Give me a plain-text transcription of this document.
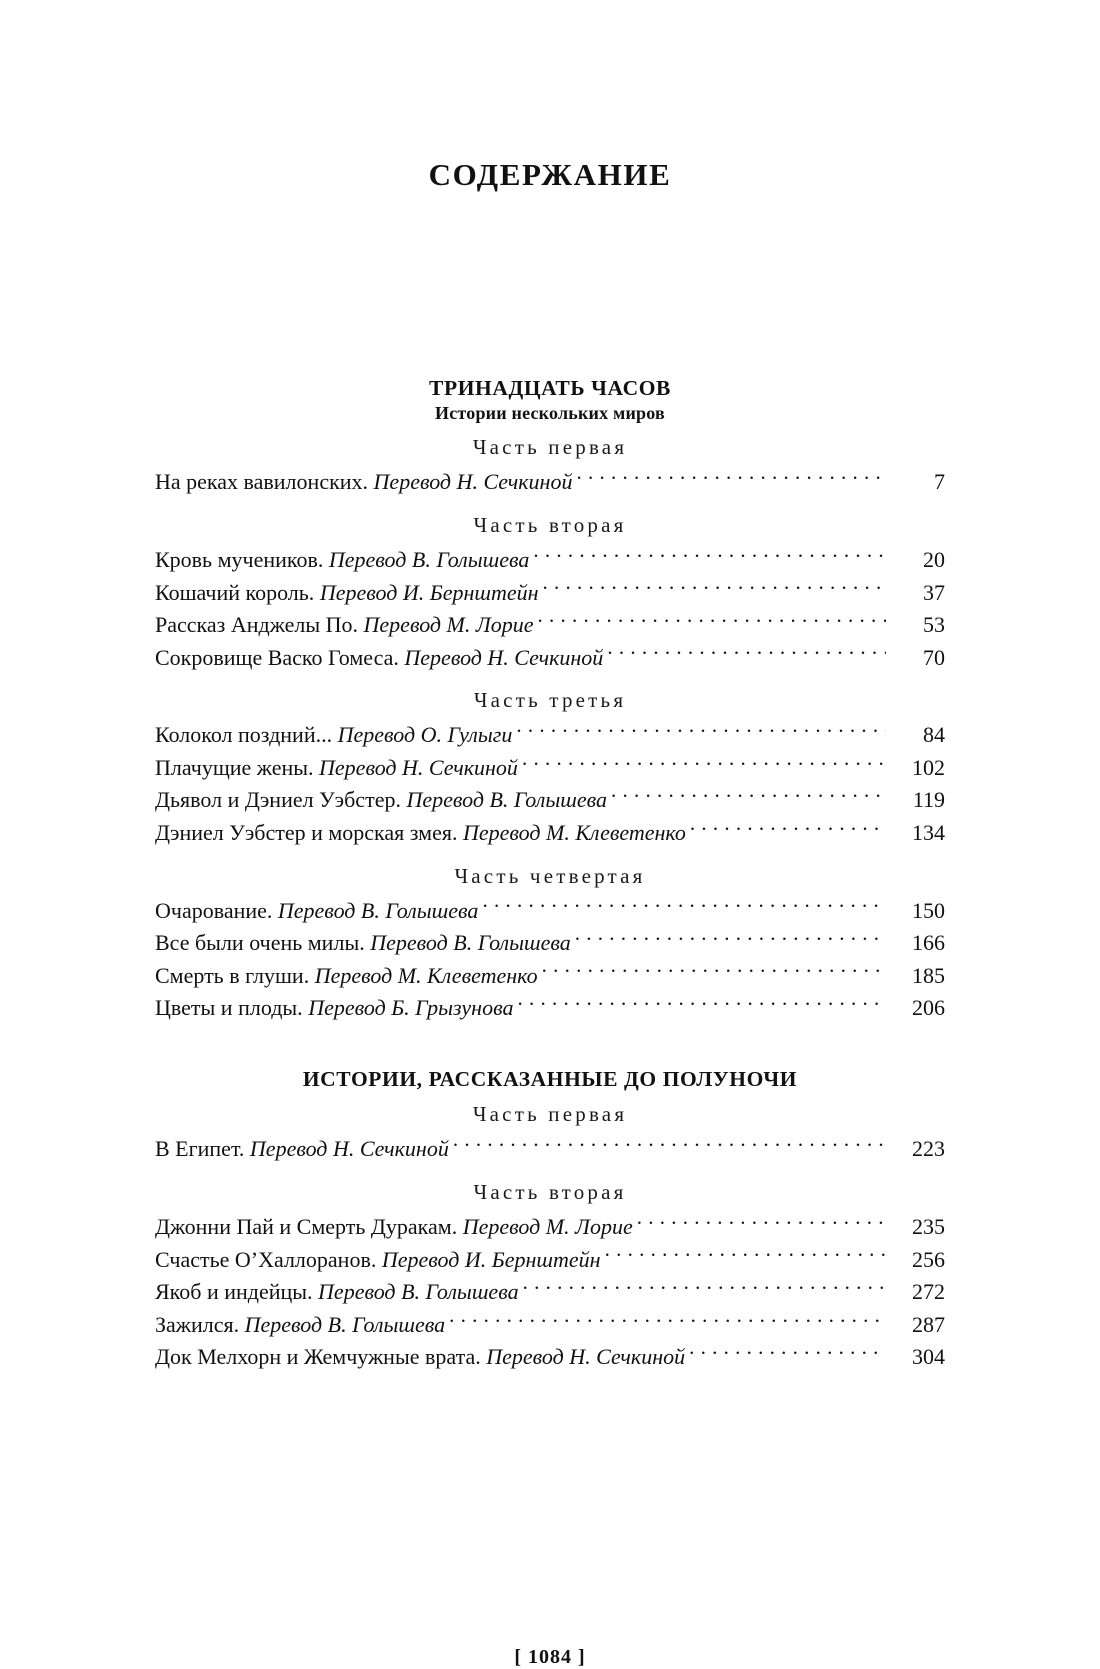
СОДЕРЖАНИЕ
ТРИНАДЦАТЬ ЧАСОВ
Истории нескольких миров
Часть первая
На реках вавилонских. Перевод Н. Сечкиной . . .	7
Часть вторая
Кровь мучеников. Перевод В. Голышева . . .	20
Кошачий король. Перевод И. Бернштейн . . .	37
Рассказ Анджелы По. Перевод М. Лорие . . .	53
Сокровище Васко Гомеса. Перевод Н. Сечкиной . . .	70
Часть третья
Колокол поздний... Перевод О. Гулыги . . .	84
Плачущие жены. Перевод Н. Сечкиной . . .	102
Дьявол и Дэниел Уэбстер. Перевод В. Голышева . . .	119
Дэниел Уэбстер и морская змея. Перевод М. Клеветенко . . .	134
Часть четвертая
Очарование. Перевод В. Голышева . . .	150
Все были очень милы. Перевод В. Голышева . . .	166
Смерть в глуши. Перевод М. Клеветенко . . .	185
Цветы и плоды. Перевод Б. Грызунова . . .	206
ИСТОРИИ, РАССКАЗАННЫЕ ДО ПОЛУНОЧИ
Часть первая
В Египет. Перевод Н. Сечкиной . . .	223
Часть вторая
Джонни Пай и Смерть Дуракам. Перевод М. Лорие . . .	235
Счастье О’Халлоранов. Перевод И. Бернштейн . . .	256
Якоб и индейцы. Перевод В. Голышева . . .	272
Зажился. Перевод В. Голышева . . .	287
Док Мелхорн и Жемчужные врата. Перевод Н. Сечкиной . . .	304
[ 1084 ]
